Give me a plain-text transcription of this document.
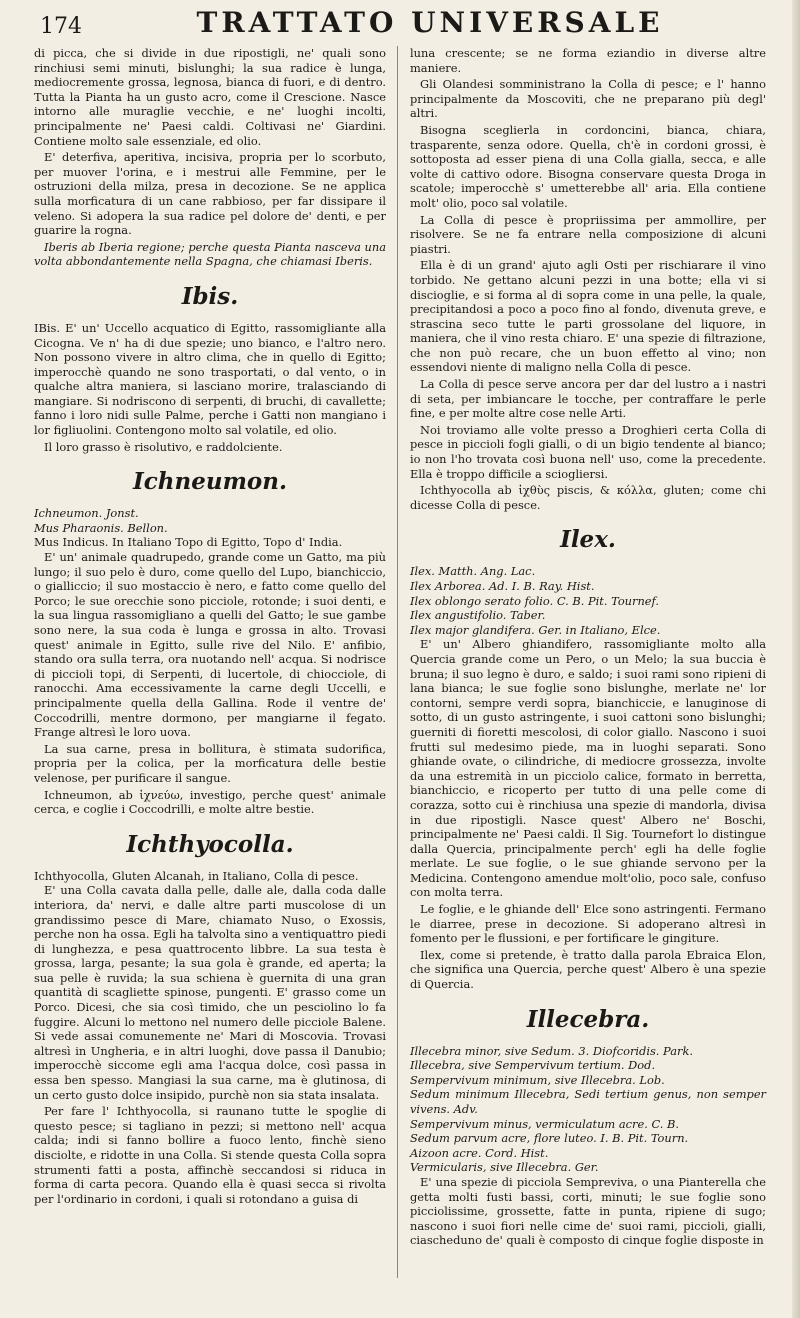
174	TRATTATO UNIVERSALE

di picca, che si divide in due ripostigli, ne' quali sono rinchiusi semi minuti, bislunghi; la sua radice è lunga, mediocremente grossa, legnosa, bianca di fuori, e di dentro. Tutta la Pianta ha un gusto acro, come il Crescione. Nasce intorno alle muraglie vecchie, e ne' luoghi incolti, principalmente ne' Paesi caldi. Coltivasi ne' Giardini. Contiene molto sale essenziale, ed olio.

E' deterfiva, aperitiva, incisiva, propria per lo scorbuto, per muover l'orina, e i mestrui alle Femmine, per le ostruzioni della milza, presa in decozione. Se ne applica sulla morficatura di un cane rabbioso, per far dissipare il veleno. Si adopera la sua radice pel dolore de' denti, e per guarire la rogna.

Iberis ab Iberia regione; perche questa Pianta nasceva una volta abbondantemente nella Spagna, che chiamasi Iberis.

Ibis.

IBis. E' un' Uccello acquatico di Egitto, rassomigliante alla Cicogna. Ve n' ha di due spezie; uno bianco, e l'altro nero. Non possono vivere in altro clima, che in quello di Egitto; imperocchè quando ne sono trasportati, o dal vento, o in qualche altra maniera, si lasciano morire, tralasciando di mangiare. Si nodriscono di serpenti, di bruchi, di cavallette; fanno i loro nidi sulle Palme, perche i Gatti non mangiano i lor figliuolini. Contengono molto sal volatile, ed olio.

Il loro grasso è risolutivo, e raddolciente.

Ichneumon.

Ichneumon. Jonst.

Mus Pharaonis. Bellon.

Mus Indicus. In Italiano Topo di Egitto, Topo d' India.

E' un' animale quadrupedo, grande come un Gatto, ma più lungo; il suo pelo è duro, come quello del Lupo, bianchiccio, o gialliccio; il suo mostaccio è nero, e fatto come quello del Porco; le sue orecchie sono picciole, rotonde; i suoi denti, e la sua lingua rassomigliano a quelli del Gatto; le sue gambe sono nere, la sua coda è lunga e grossa in alto. Trovasi quest' animale in Egitto, sulle rive del Nilo. E' anfibio, stando ora sulla terra, ora nuotando nell' acqua. Si nodrisce di piccioli topi, di Serpenti, di lucertole, di chiocciole, di ranocchi. Ama eccessivamente la carne degli Uccelli, e principalmente quella della Gallina. Rode il ventre de' Coccodrilli, mentre dormono, per mangiarne il fegato. Frange altresì le loro uova.

La sua carne, presa in bollitura, è stimata sudorifica, propria per la colica, per la morficatura delle bestie velenose, per purificare il sangue.

Ichneumon, ab ἰχνεύω, investigo, perche quest' animale cerca, e coglie i Coccodrilli, e molte altre bestie.

Ichthyocolla.

Ichthyocolla, Gluten Alcanah, in Italiano, Colla di pesce.

E' una Colla cavata dalla pelle, dalle ale, dalla coda dalle interiora, da' nervi, e dalle altre parti muscolose di un grandissimo pesce di Mare, chiamato Nuso, o Exossis, perche non ha ossa. Egli ha talvolta sino a ventiquattro piedi di lunghezza, e pesa quattrocento libbre. La sua testa è grossa, larga, pesante; la sua gola è grande, ed aperta; la sua pelle è ruvida; la sua schiena è guernita di una gran quantità di scagliette spinose, pungenti. E' grasso come un Porco. Dicesi, che sia così timido, che un pesciolino lo fa fuggire. Alcuni lo mettono nel numero delle picciole Balene. Si vede assai comunemente ne' Mari di Moscovia. Trovasi altresì in Ungheria, e in altri luoghi, dove passa il Danubio; imperocchè siccome egli ama l'acqua dolce, così passa in essa ben spesso. Mangiasi la sua carne, ma è glutinosa, di un certo gusto dolce insipido, purchè non sia stata insalata.

Per fare l' Ichthyocolla, si raunano tutte le spoglie di questo pesce; si tagliano in pezzi; si mettono nell' acqua calda; indi si fanno bollire a fuoco lento, finchè sieno disciolte, e ridotte in una Colla. Si stende questa Colla sopra strumenti fatti a posta, affinchè seccandosi si riduca in forma di carta pecora. Quando ella è quasi secca si rivolta per l'ordinario in cordoni, i quali si rotondano a guisa di

luna crescente; se ne forma eziandio in diverse altre maniere.

Gli Olandesi somministrano la Colla di pesce; e l' hanno principalmente da Moscoviti, che ne preparano più degl' altri.

Bisogna sceglierla in cordoncini, bianca, chiara, trasparente, senza odore. Quella, ch'è in cordoni grossi, è sottoposta ad esser piena di una Colla gialla, secca, e alle volte di cattivo odore. Bisogna conservare questa Droga in scatole; imperocchè s' umetterebbe all' aria. Ella contiene molt' olio, poco sal volatile.

La Colla di pesce è propriissima per ammollire, per risolvere. Se ne fa entrare nella composizione di alcuni piastri.

Ella è di un grand' ajuto agli Osti per rischiarare il vino torbido. Ne gettano alcuni pezzi in una botte; ella vi si discioglie, e si forma al di sopra come in una pelle, la quale, precipitandosi a poco a poco fino al fondo, divenuta greve, e strascina seco tutte le parti grossolane del liquore, in maniera, che il vino resta chiaro. E' una spezie di filtrazione, che non può recare, che un buon effetto al vino; non essendovi niente di maligno nella Colla di pesce.

La Colla di pesce serve ancora per dar del lustro a i nastri di seta, per imbiancare le tocche, per contraffare le perle fine, e per molte altre cose nelle Arti.

Noi troviamo alle volte presso a Droghieri certa Colla di pesce in piccioli fogli gialli, o di un bigio tendente al bianco; io non l'ho trovata così buona nell' uso, come la precedente. Ella è troppo difficile a sciogliersi.

Ichthyocolla ab ἰχθὺς piscis, & κόλλα, gluten; come chi dicesse Colla di pesce.

Ilex.

Ilex. Matth. Ang. Lac.

Ilex Arborea. Ad. I. B. Ray. Hist.

Ilex oblongo serato folio. C. B. Pit. Tournef.

Ilex angustifolio. Taber.

Ilex major glandifera. Ger. in Italiano, Elce.

E' un' Albero ghiandifero, rassomigliante molto alla Quercia grande come un Pero, o un Melo; la sua buccia è bruna; il suo legno è duro, e saldo; i suoi rami sono ripieni di lana bianca; le sue foglie sono bislunghe, merlate ne' lor contorni, sempre verdi sopra, bianchiccie, e lanuginose di sotto, di un gusto astringente, i suoi cattoni sono bislunghi; guerniti di fioretti mescolosi, di color giallo. Nascono i suoi frutti sul medesimo piede, ma in luoghi separati. Sono ghiande ovate, o cilindriche, di mediocre grossezza, involte da una estremità in un picciolo calice, formato in berretta, bianchiccio, e ricoperto per tutto di una pelle come di corazza, sotto cui è rinchiusa una spezie di mandorla, divisa in due ripostigli. Nasce quest' Albero ne' Boschi, principalmente ne' Paesi caldi. Il Sig. Tournefort lo distingue dalla Quercia, principalmente perch' egli ha delle foglie merlate. Le sue foglie, o le sue ghiande servono per la Medicina. Contengono amendue molt'olio, poco sale, confuso con molta terra.

Le foglie, e le ghiande dell' Elce sono astringenti. Fermano le diarree, prese in decozione. Si adoperano altresì in fomento per le flussioni, e per fortificare le gingiture.

Ilex, come si pretende, è tratto dalla parola Ebraica Elon, che significa una Quercia, perche quest' Albero è una spezie di Quercia.

Illecebra.

Illecebra minor, sive Sedum. 3. Diofcoridis. Park.

Illecebra, sive Sempervivum tertium. Dod.

Sempervivum minimum, sive Illecebra. Lob.

Sedum minimum Illecebra, Sedi tertium genus, non semper vivens. Adv.

Sempervivum minus, vermiculatum acre. C. B.

Sedum parvum acre, flore luteo. I. B. Pit. Tourn.

Aizoon acre. Cord. Hist.

Vermicularis, sive Illecebra. Ger.

E' una spezie di picciola Sempreviva, o una Pianterella che getta molti fusti bassi, corti, minuti; le sue foglie sono picciolissime, grossette, fatte in punta, ripiene di sugo; nascono i suoi fiori nelle cime de' suoi rami, piccioli, gialli, ciascheduno de' quali è composto di cinque foglie disposte in
